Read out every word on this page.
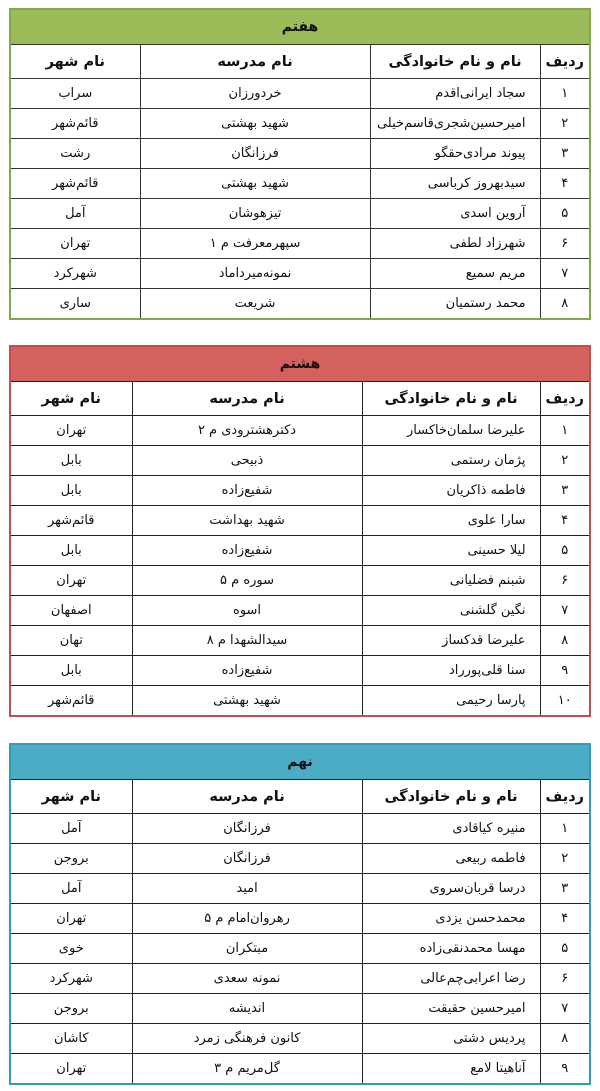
هفتم			
ردیف	نام و نام خانوادگی	نام مدرسه	نام شهر
۱	سجاد ایرانی‌اقدم	خردورزان	سراب
۲	امیرحسین‌شجری‌قاسم‌خیلی	شهید بهشتی	قائم‌شهر
۳	پیوند مرادی‌حقگو	فرزانگان	رشت
۴	سیدبهروز کرباسی	شهید بهشتی	قائم‌شهر
۵	آروین اسدی	تیزهوشان	آمل
۶	شهرزاد لطفی	سپهرمعرفت م ۱	تهران
۷	مریم سمیع	نمونه‌میرداماد	شهرکرد
۸	محمد رستمیان	شریعت	ساری
هشتم			
ردیف	نام و نام خانوادگی	نام مدرسه	نام شهر
۱	علیرضا سلمان‌خاکسار	دکترهشترودی م ۲	تهران
۲	پژمان رستمی	ذبیحی	بابل
۳	فاطمه ذاکریان	شفیع‌زاده	بابل
۴	سارا علوی	شهید بهداشت	قائم‌شهر
۵	لیلا حسینی	شفیع‌زاده	بابل
۶	شبنم فضلیانی	سوره م ۵	تهران
۷	نگین گلشنی	اسوه	اصفهان
۸	علیرضا قدکساز	سیدالشهدا م ۸	تهان
۹	سنا قلی‌پورراد	شفیع‌زاده	بابل
۱۰	پارسا رحیمی	شهید بهشتی	قائم‌شهر
نهم			
ردیف	نام و نام خانوادگی	نام مدرسه	نام شهر
۱	منیره کیاقادی	فرزانگان	آمل
۲	فاطمه ربیعی	فرزانگان	بروجن
۳	درسا قربان‌سروی	امید	آمل
۴	محمدحسن یزدی	رهروان‌امام م ۵	تهران
۵	مهسا محمدنقی‌زاده	مبتکران	خوی
۶	رضا اعرابی‌چم‌عالی	نمونه سعدی	شهرکرد
۷	امیرحسین حقیقت	اندیشه	بروجن
۸	پردیس دشتی	کانون فرهنگی زمرد	کاشان
۹	آناهیتا لامع	گل‌مریم م ۳	تهران
